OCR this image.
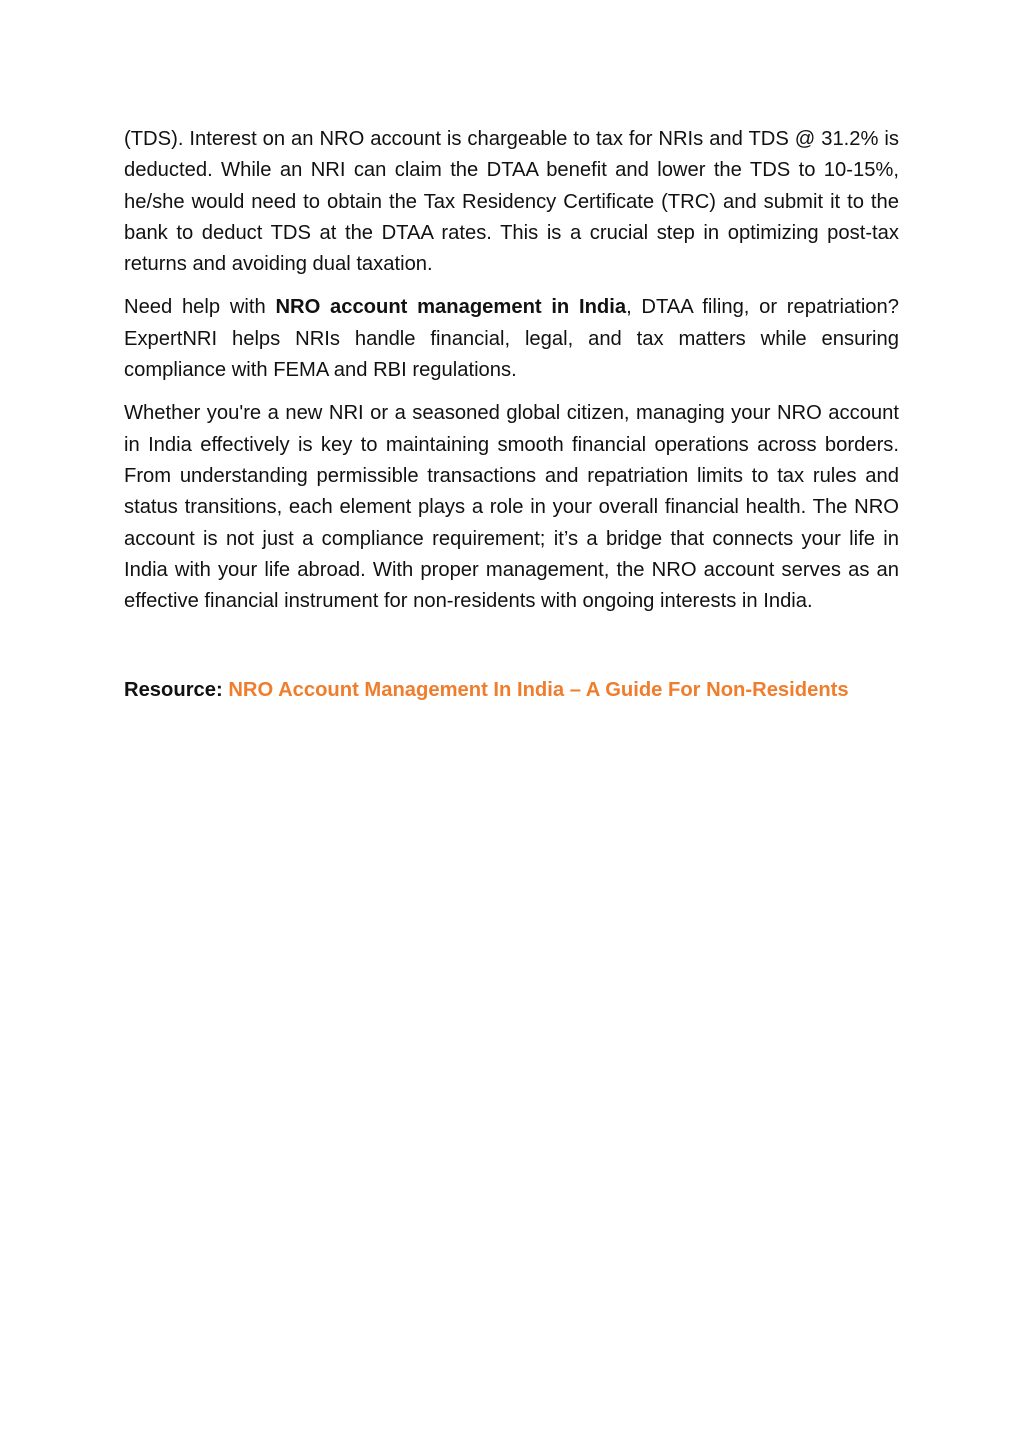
(TDS). Interest on an NRO account is chargeable to tax for NRIs and TDS @ 31.2% is deducted. While an NRI can claim the DTAA benefit and lower the TDS to 10-15%, he/she would need to obtain the Tax Residency Certificate (TRC) and submit it to the bank to deduct TDS at the DTAA rates. This is a crucial step in optimizing post-tax returns and avoiding dual taxation.

Need help with NRO account management in India, DTAA filing, or repatriation? ExpertNRI helps NRIs handle financial, legal, and tax matters while ensuring compliance with FEMA and RBI regulations.

Whether you're a new NRI or a seasoned global citizen, managing your NRO account in India effectively is key to maintaining smooth financial operations across borders. From understanding permissible transactions and repatriation limits to tax rules and status transitions, each element plays a role in your overall financial health. The NRO account is not just a compliance requirement; it’s a bridge that connects your life in India with your life abroad. With proper management, the NRO account serves as an effective financial instrument for non-residents with ongoing interests in India.

Resource: NRO Account Management In India – A Guide For Non-Residents
